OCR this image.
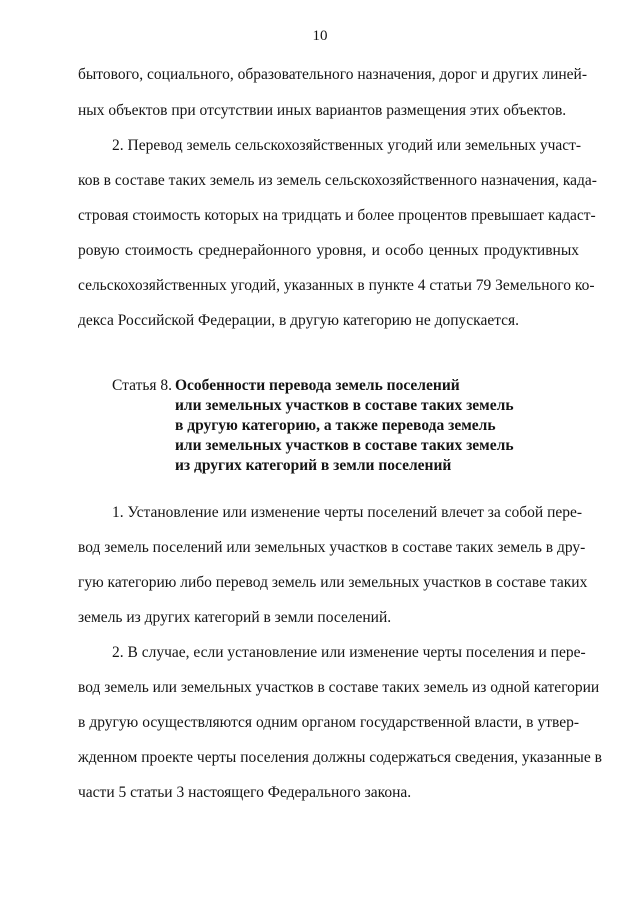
10
бытового, социального, образовательного назначения, дорог и других линей-
ных объектов при отсутствии иных вариантов размещения этих объектов.
2. Перевод земель сельскохозяйственных угодий или земельных участ-
ков в составе таких земель из земель сельскохозяйственного назначения, када-
стровая стоимость которых на тридцать и более процентов превышает кадаст-
ровую стоимость среднерайонного уровня, и особо ценных продуктивных
сельскохозяйственных угодий, указанных в пункте 4 статьи 79 Земельного ко-
декса Российской Федерации, в другую категорию не допускается.
Статья 8. Особенности перевода земель поселений
или земельных участков в составе таких земель
в другую категорию, а также перевода земель
или земельных участков в составе таких земель
из других категорий в земли поселений
1. Установление или изменение черты поселений влечет за собой пере-
вод земель поселений или земельных участков в составе таких земель в дру-
гую категорию либо перевод земель или земельных участков в составе таких
земель из других категорий в земли поселений.
2. В случае, если установление или изменение черты поселения и пере-
вод земель или земельных участков в составе таких земель из одной категории
в другую осуществляются одним органом государственной власти, в утвер-
жденном проекте черты поселения должны содержаться сведения, указанные в
части 5 статьи 3 настоящего Федерального закона.
